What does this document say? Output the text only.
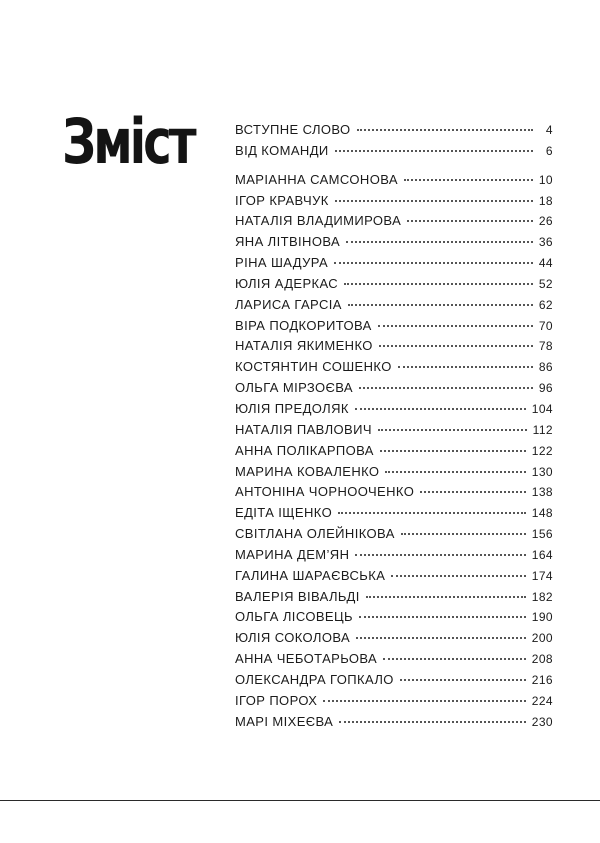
Зміст	ВСТУПНЕ СЛОВО	4
ВІД КОМАНДИ	6
МАРІАННА САМСОНОВА	10
ІГОР КРАВЧУК	18
НАТАЛІЯ ВЛАДИМИРОВА	26
ЯНА ЛІТВІНОВА	36
РІНА ШАДУРА	44
ЮЛІЯ АДЕРКАС	52
ЛАРИСА ГАРСІА	62
ВІРА ПОДКОРИТОВА	70
НАТАЛІЯ ЯКИМЕНКО	78
КОСТЯНТИН СОШЕНКО	86
ОЛЬГА МІРЗОЄВА	96
ЮЛІЯ ПРЕДОЛЯК	104
НАТАЛІЯ ПАВЛОВИЧ	112
АННА ПОЛІКАРПОВА	122
МАРИНА КОВАЛЕНКО	130
АНТОНІНА ЧОРНООЧЕНКО	138
ЕДІТА ІЩЕНКО	148
СВІТЛАНА ОЛЕЙНІКОВА	156
МАРИНА ДЕМ’ЯН	164
ГАЛИНА ШАРАЄВСЬКА	174
ВАЛЕРІЯ ВІВАЛЬДІ	182
ОЛЬГА ЛІСОВЕЦЬ	190
ЮЛІЯ СОКОЛОВА	200
АННА ЧЕБОТАРЬОВА	208
ОЛЕКСАНДРА ГОПКАЛО	216
ІГОР ПОРОХ	224
МАРІ МІХЕЄВА	230
